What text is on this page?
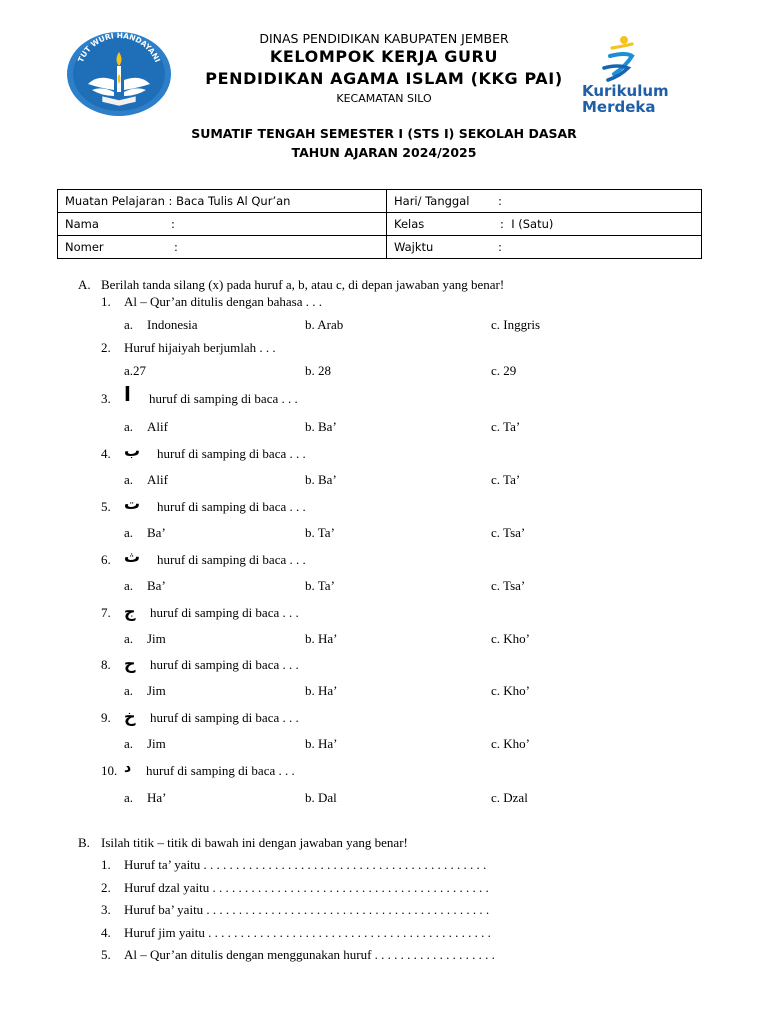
TUT WURI HANDAYANI
Kurikulum
Merdeka
DINAS PENDIDIKAN KABUPATEN JEMBER
KELOMPOK KERJA GURU
PENDIDIKAN AGAMA ISLAM (KKG PAI)
KECAMATAN SILO
SUMATIF TENGAH SEMESTER I (STS I) SEKOLAH DASAR
TAHUN AJARAN 2024/2025
Muatan Pelajaran : Baca Tulis Al Qur’an	Hari/ Tanggal :
Nama :	Kelas : I (Satu)
Nomer :	Wajktu :
A. Berilah tanda silang (x) pada huruf a, b, atau c, di depan jawaban yang benar!
1. Al – Qur’an ditulis dengan bahasa . . .
a. Indonesia	b. Arab	c. Inggris
2. Huruf hijaiyah berjumlah . . .
a.27	b. 28	c. 29
3. ا huruf di samping di baca . . .
a. Alif	b. Ba’	c. Ta’
4. ب huruf di samping di baca . . .
a. Alif	b. Ba’	c. Ta’
5. ت huruf di samping di baca . . .
a. Ba’	b. Ta’	c. Tsa’
6. ث huruf di samping di baca . . .
a. Ba’	b. Ta’	c. Tsa’
7. ج huruf di samping di baca . . .
a. Jim	b. Ha’	c. Kho’
8. ح huruf di samping di baca . . .
a. Jim	b. Ha’	c. Kho’
9. خ huruf di samping di baca . . .
a. Jim	b. Ha’	c. Kho’
10. د huruf di samping di baca . . .
a. Ha’	b. Dal	c. Dzal
B. Isilah titik – titik di bawah ini dengan jawaban yang benar!
1. Huruf ta’ yaitu . . . . . . . . . . . . . . . . . . . . . . . . . . . . . . . . . . . . . . . . . . . .
2. Huruf dzal yaitu . . . . . . . . . . . . . . . . . . . . . . . . . . . . . . . . . . . . . . . . . . .
3. Huruf ba’ yaitu . . . . . . . . . . . . . . . . . . . . . . . . . . . . . . . . . . . . . . . . . . . .
4. Huruf jim yaitu . . . . . . . . . . . . . . . . . . . . . . . . . . . . . . . . . . . . . . . . . . . .
5. Al – Qur’an ditulis dengan menggunakan huruf . . . . . . . . . . . . . . . . . . .
